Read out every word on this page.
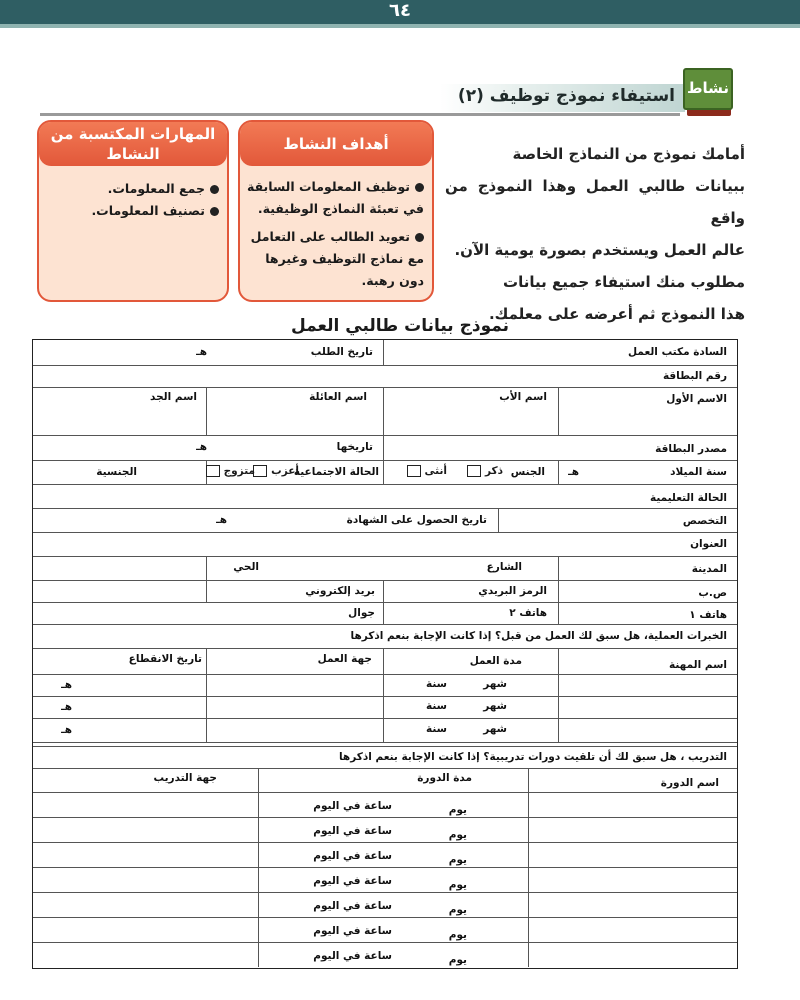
٦٤
استيفاء نموذج توظيف (٢) نشاط
أمامك نموذج من النماذج الخاصة
ببيانات طالبي العمل وهذا النموذج من واقع
عالم العمل ويستخدم بصورة يومية الآن.
مطلوب منك استيفاء جميع بيانات
هذا النموذج ثم أعرضه على معلمك.
أهداف النشاط
توظيف المعلومات السابقة في تعبئة النماذج الوظيفية.
تعويد الطالب على التعامل مع نماذج التوظيف وغيرها دون رهبة.
المهارات المكتسبة من النشاط
جمع المعلومات.
تصنيف المعلومات.
نموذج بيانات طالبي العمل
السادة مكتب العمل
تاريخ الطلب
هـ
رقم البطاقة
الاسم الأول
اسم الأب
اسم العائلة
اسم الجد
مصدر البطاقة
تاريخها
هـ
سنة الميلاد
هـ
الجنس
ذكر
أنثى
الحالة الاجتماعية
أعزب
متزوج
الجنسية
الحالة التعليمية
التخصص
تاريخ الحصول على الشهادة
هـ
العنوان
المدينة
الشارع
الحي
ص.ب
الرمز البريدي
بريد إلكتروني
هاتف ١
هاتف ٢
جوال
الخبرات العملية، هل سبق لك العمل من قبل؟ إذا كانت الإجابة بنعم اذكرها
اسم المهنة
مدة العمل
جهة العمل
تاريخ الانقطاع
شهر
سنة
هـ
شهر
سنة
هـ
شهر
سنة
هـ
التدريب ، هل سبق لك أن تلقيت دورات تدريبية؟ إذا كانت الإجابة بنعم اذكرها
اسم الدورة
مدة الدورة
جهة التدريب
يوم
ساعة في اليوم
يوم
ساعة في اليوم
يوم
ساعة في اليوم
يوم
ساعة في اليوم
يوم
ساعة في اليوم
يوم
ساعة في اليوم
يوم
ساعة في اليوم
